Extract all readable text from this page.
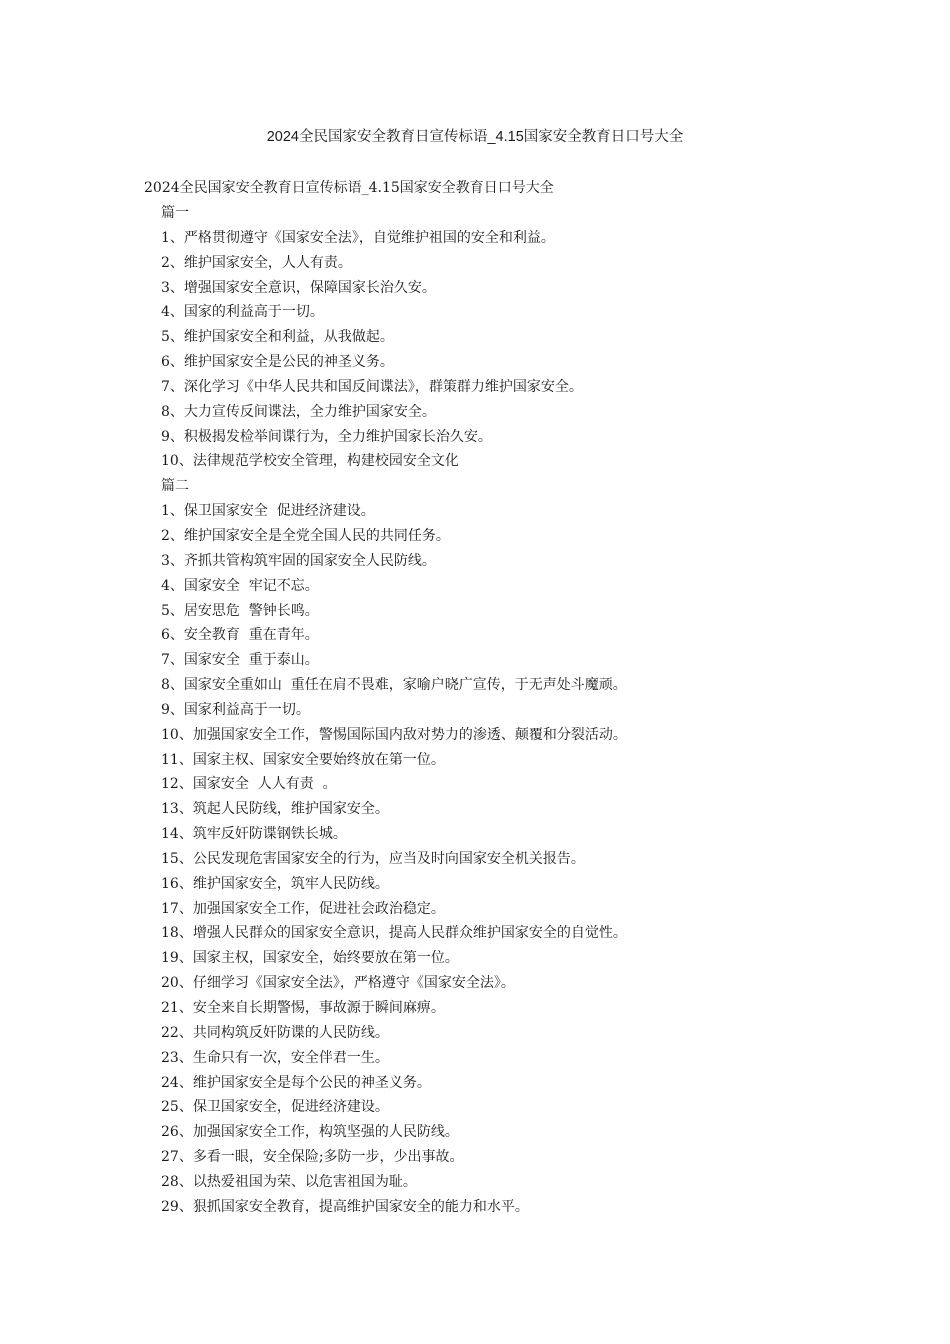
2024全民国家安全教育日宣传标语_4.15国家安全教育日口号大全
2024全民国家安全教育日宣传标语_4.15国家安全教育日口号大全
篇一
1、严格贯彻遵守《国家安全法》，自觉维护祖国的安全和利益。
2、维护国家安全，人人有责。
3、增强国家安全意识，保障国家长治久安。
4、国家的利益高于一切。
5、维护国家安全和利益，从我做起。
6、维护国家安全是公民的神圣义务。
7、深化学习《中华人民共和国反间谍法》，群策群力维护国家安全。
8、大力宣传反间谍法，全力维护国家安全。
9、积极揭发检举间谍行为，全力维护国家长治久安。
10、法律规范学校安全管理，构建校园安全文化
篇二
1、保卫国家安全  促进经济建设。
2、维护国家安全是全党全国人民的共同任务。
3、齐抓共管构筑牢固的国家安全人民防线。
4、国家安全  牢记不忘。
5、居安思危  警钟长鸣。
6、安全教育  重在青年。
7、国家安全  重于泰山。
8、国家安全重如山  重任在肩不畏难，家喻户晓广宣传，于无声处斗魔顽。
9、国家利益高于一切。
10、加强国家安全工作，警惕国际国内敌对势力的渗透、颠覆和分裂活动。
11、国家主权、国家安全要始终放在第一位。
12、国家安全  人人有责  。
13、筑起人民防线，维护国家安全。
14、筑牢反奸防谍钢铁长城。
15、公民发现危害国家安全的行为，应当及时向国家安全机关报告。
16、维护国家安全，筑牢人民防线。
17、加强国家安全工作，促进社会政治稳定。
18、增强人民群众的国家安全意识，提高人民群众维护国家安全的自觉性。
19、国家主权，国家安全，始终要放在第一位。
20、仔细学习《国家安全法》，严格遵守《国家安全法》。
21、安全来自长期警惕，事故源于瞬间麻痹。
22、共同构筑反奸防谍的人民防线。
23、生命只有一次，安全伴君一生。
24、维护国家安全是每个公民的神圣义务。
25、保卫国家安全，促进经济建设。
26、加强国家安全工作，构筑坚强的人民防线。
27、多看一眼，安全保险;多防一步，少出事故。
28、以热爱祖国为荣、以危害祖国为耻。
29、狠抓国家安全教育，提高维护国家安全的能力和水平。
